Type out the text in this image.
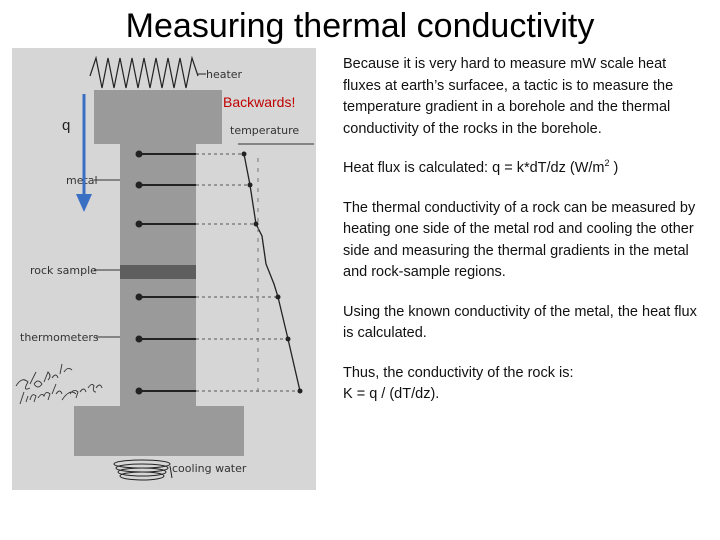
Measuring thermal conductivity
heater
cooling water
temperature
metal
rock sample
thermometers
q
Backwards!

Because it is very hard to measure mW scale heat fluxes at earth’s surfacee, a tactic is to measure the temperature gradient in a borehole and the thermal conductivity of the rocks in the borehole.

Heat flux is calculated: q = k*dT/dz ($W/m^2$ )

The thermal conductivity of a rock can be measured by heating one side of the metal rod and cooling the other side and measuring the thermal gradients in the metal and rock-sample regions.

Using the known conductivity of the metal, the heat flux is calculated.

Thus, the conductivity of the rock is:
K = q / (dT/dz).
